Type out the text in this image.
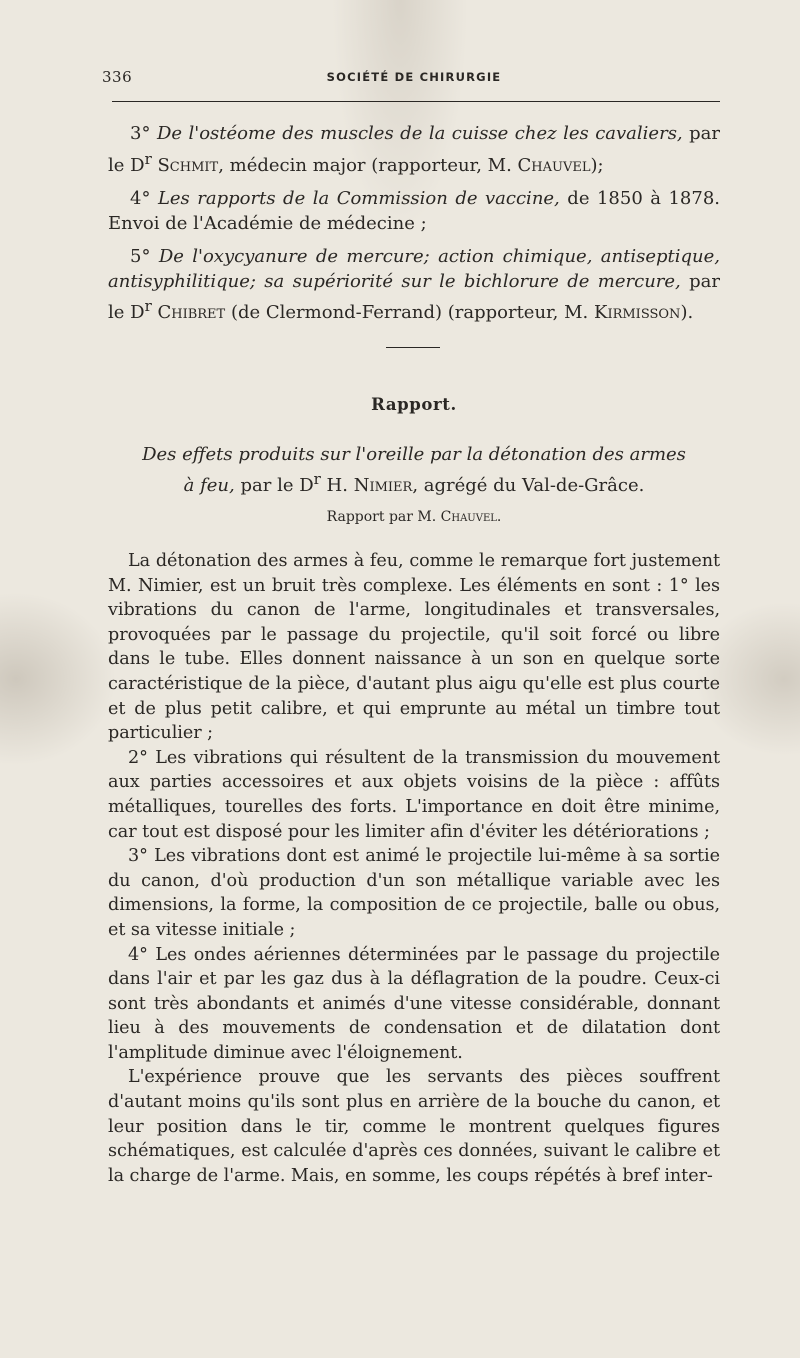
336	SOCIÉTÉ DE CHIRURGIE

3° De l'ostéome des muscles de la cuisse chez les cavaliers, par le $D^r$ Schmit, médecin major (rapporteur, M. Chauvel);

4° Les rapports de la Commission de vaccine, de 1850 à 1878. Envoi de l'Académie de médecine ;

5° De l'oxycyanure de mercure; action chimique, antiseptique, antisyphilitique; sa supériorité sur le bichlorure de mercure, par le $D^r$ Chibret (de Clermond-Ferrand) (rapporteur, M. Kirmisson).

Rapport.
Des effets produits sur l'oreille par la détonation des armes
à feu, par le $D^r$ H. Nimier, agrégé du Val-de-Grâce.
Rapport par M. Chauvel.

La détonation des armes à feu, comme le remarque fort justement M. Nimier, est un bruit très complexe. Les éléments en sont : 1° les vibrations du canon de l'arme, longitudinales et transversales, provoquées par le passage du projectile, qu'il soit forcé ou libre dans le tube. Elles donnent naissance à un son en quelque sorte caractéristique de la pièce, d'autant plus aigu qu'elle est plus courte et de plus petit calibre, et qui emprunte au métal un timbre tout particulier ;

2° Les vibrations qui résultent de la transmission du mouvement aux parties accessoires et aux objets voisins de la pièce : affûts métalliques, tourelles des forts. L'importance en doit être minime, car tout est disposé pour les limiter afin d'éviter les détériorations ;

3° Les vibrations dont est animé le projectile lui-même à sa sortie du canon, d'où production d'un son métallique variable avec les dimensions, la forme, la composition de ce projectile, balle ou obus, et sa vitesse initiale ;

4° Les ondes aériennes déterminées par le passage du projectile dans l'air et par les gaz dus à la déflagration de la poudre. Ceux-ci sont très abondants et animés d'une vitesse considérable, donnant lieu à des mouvements de condensation et de dilatation dont l'amplitude diminue avec l'éloignement.

L'expérience prouve que les servants des pièces souffrent d'autant moins qu'ils sont plus en arrière de la bouche du canon, et leur position dans le tir, comme le montrent quelques figures schématiques, est calculée d'après ces données, suivant le calibre et la charge de l'arme. Mais, en somme, les coups répétés à bref inter-
